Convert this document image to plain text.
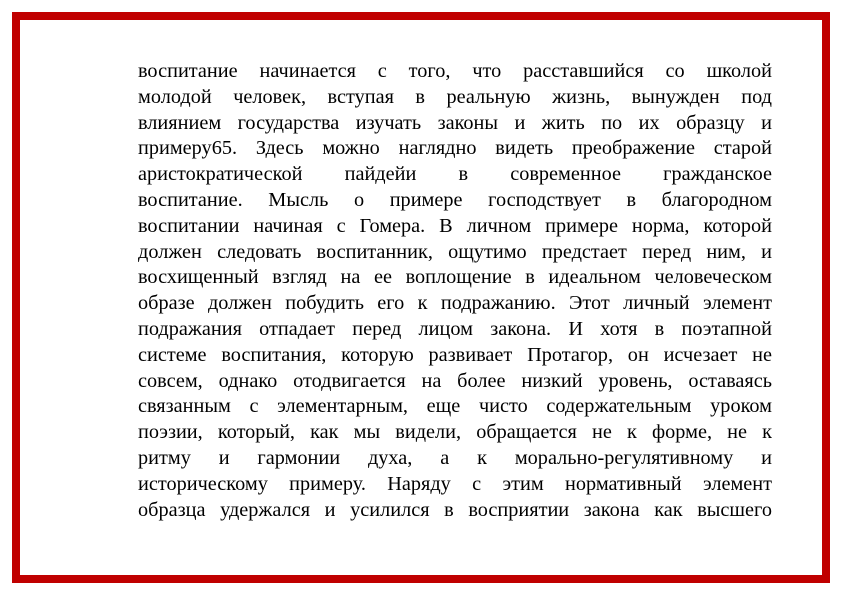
воспитание начинается с того, что расставшийся со школой
молодой человек, вступая в реальную жизнь, вынужден под
влиянием государства изучать законы и жить по их образцу и
примеру65. Здесь можно наглядно видеть преображение старой
аристократической пайдейи в современное гражданское
воспитание. Мысль о примере господствует в благородном
воспитании начиная с Гомера. В личном примере норма, которой
должен следовать воспитанник, ощутимо предстает перед ним, и
восхищенный взгляд на ее воплощение в идеальном человеческом
образе должен побудить его к подражанию. Этот личный элемент
подражания отпадает перед лицом закона. И хотя в поэтапной
системе воспитания, которую развивает Протагор, он исчезает не
совсем, однако отодвигается на более низкий уровень, оставаясь
связанным с элементарным, еще чисто содержательным уроком
поэзии, который, как мы видели, обращается не к форме, не к
ритму и гармонии духа, а к морально-регулятивному и
историческому примеру. Наряду с этим нормативный элемент
образца удержался и усилился в восприятии закона как высшего
